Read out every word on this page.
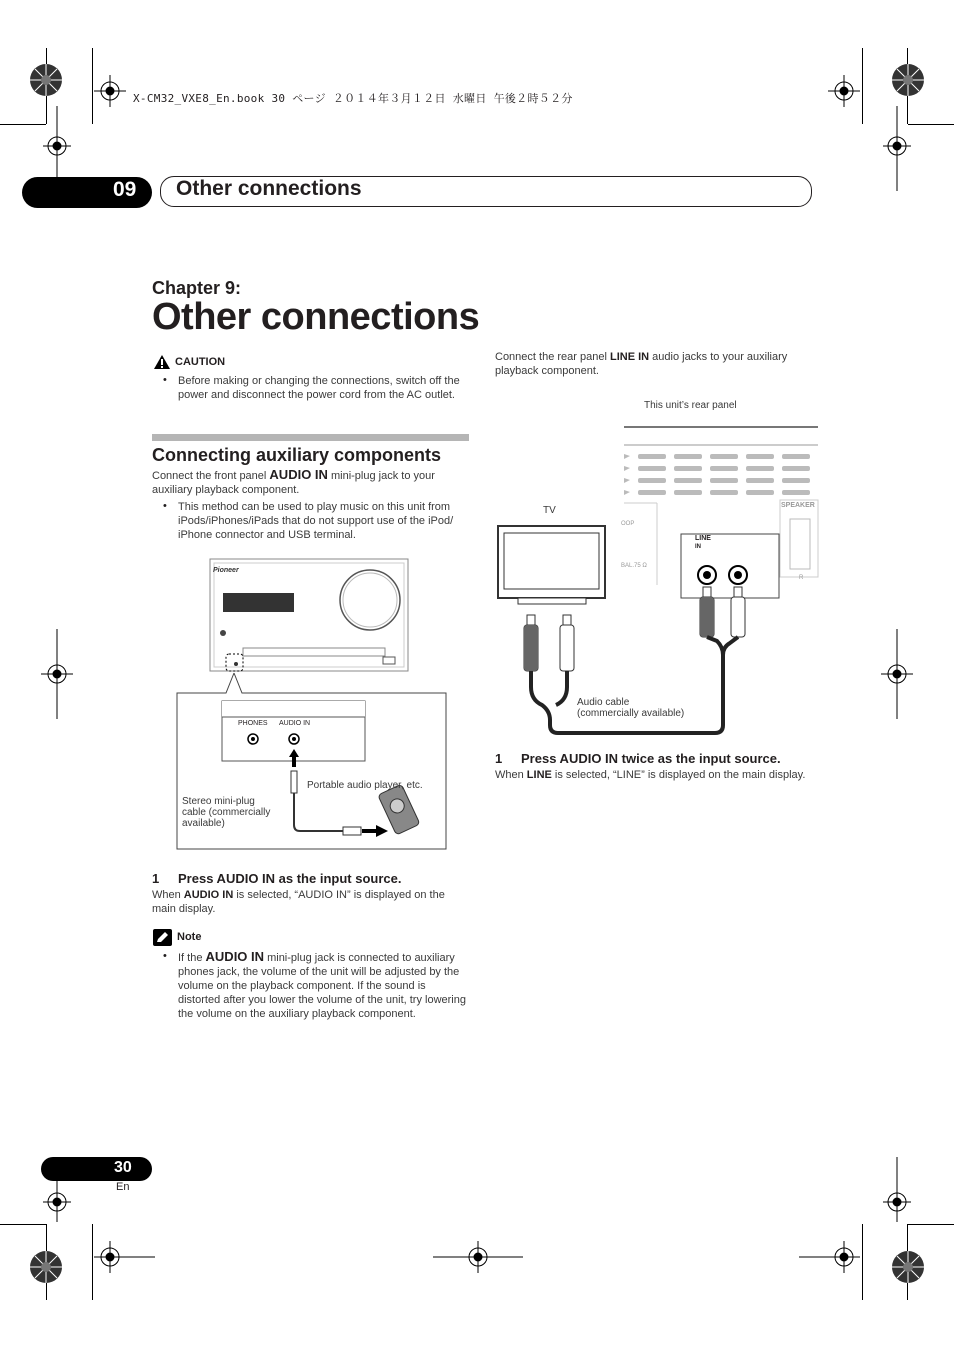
X-CM32_VXE8_En.book 30 ページ ２０１４年３月１２日 水曜日 午後２時５２分
09 Other connections
Chapter 9:
Other connections
CAUTION
• Before making or changing the connections, switch off the power and disconnect the power cord from the AC outlet.
Connecting auxiliary components
Connect the front panel AUDIO IN mini-plug jack to your auxiliary playback component.
• This method can be used to play music on this unit from iPods/iPhones/iPads that do not support use of the iPod/ iPhone connector and USB terminal.
Pioneer
PHONES AUDIO IN
Portable audio player, etc.
Stereo mini-plug
cable (commercially
available)
1 Press AUDIO IN as the input source.
When AUDIO IN is selected, “AUDIO IN” is displayed on the main display.
Note
• If the AUDIO IN mini-plug jack is connected to auxiliary phones jack, the volume of the unit will be adjusted by the volume on the playback component. If the sound is distorted after you lower the volume of the unit, try lowering the volume on the auxiliary playback component.
Connect the rear panel LINE IN audio jacks to your auxiliary playback component.
This unit’s rear panel
TV
LINE
IN
SPEAKER
OOP
BAL.75 Ω
R
Audio cable
(commercially available)
1 Press AUDIO IN twice as the input source.
When LINE is selected, “LINE” is displayed on the main display.
30
En
